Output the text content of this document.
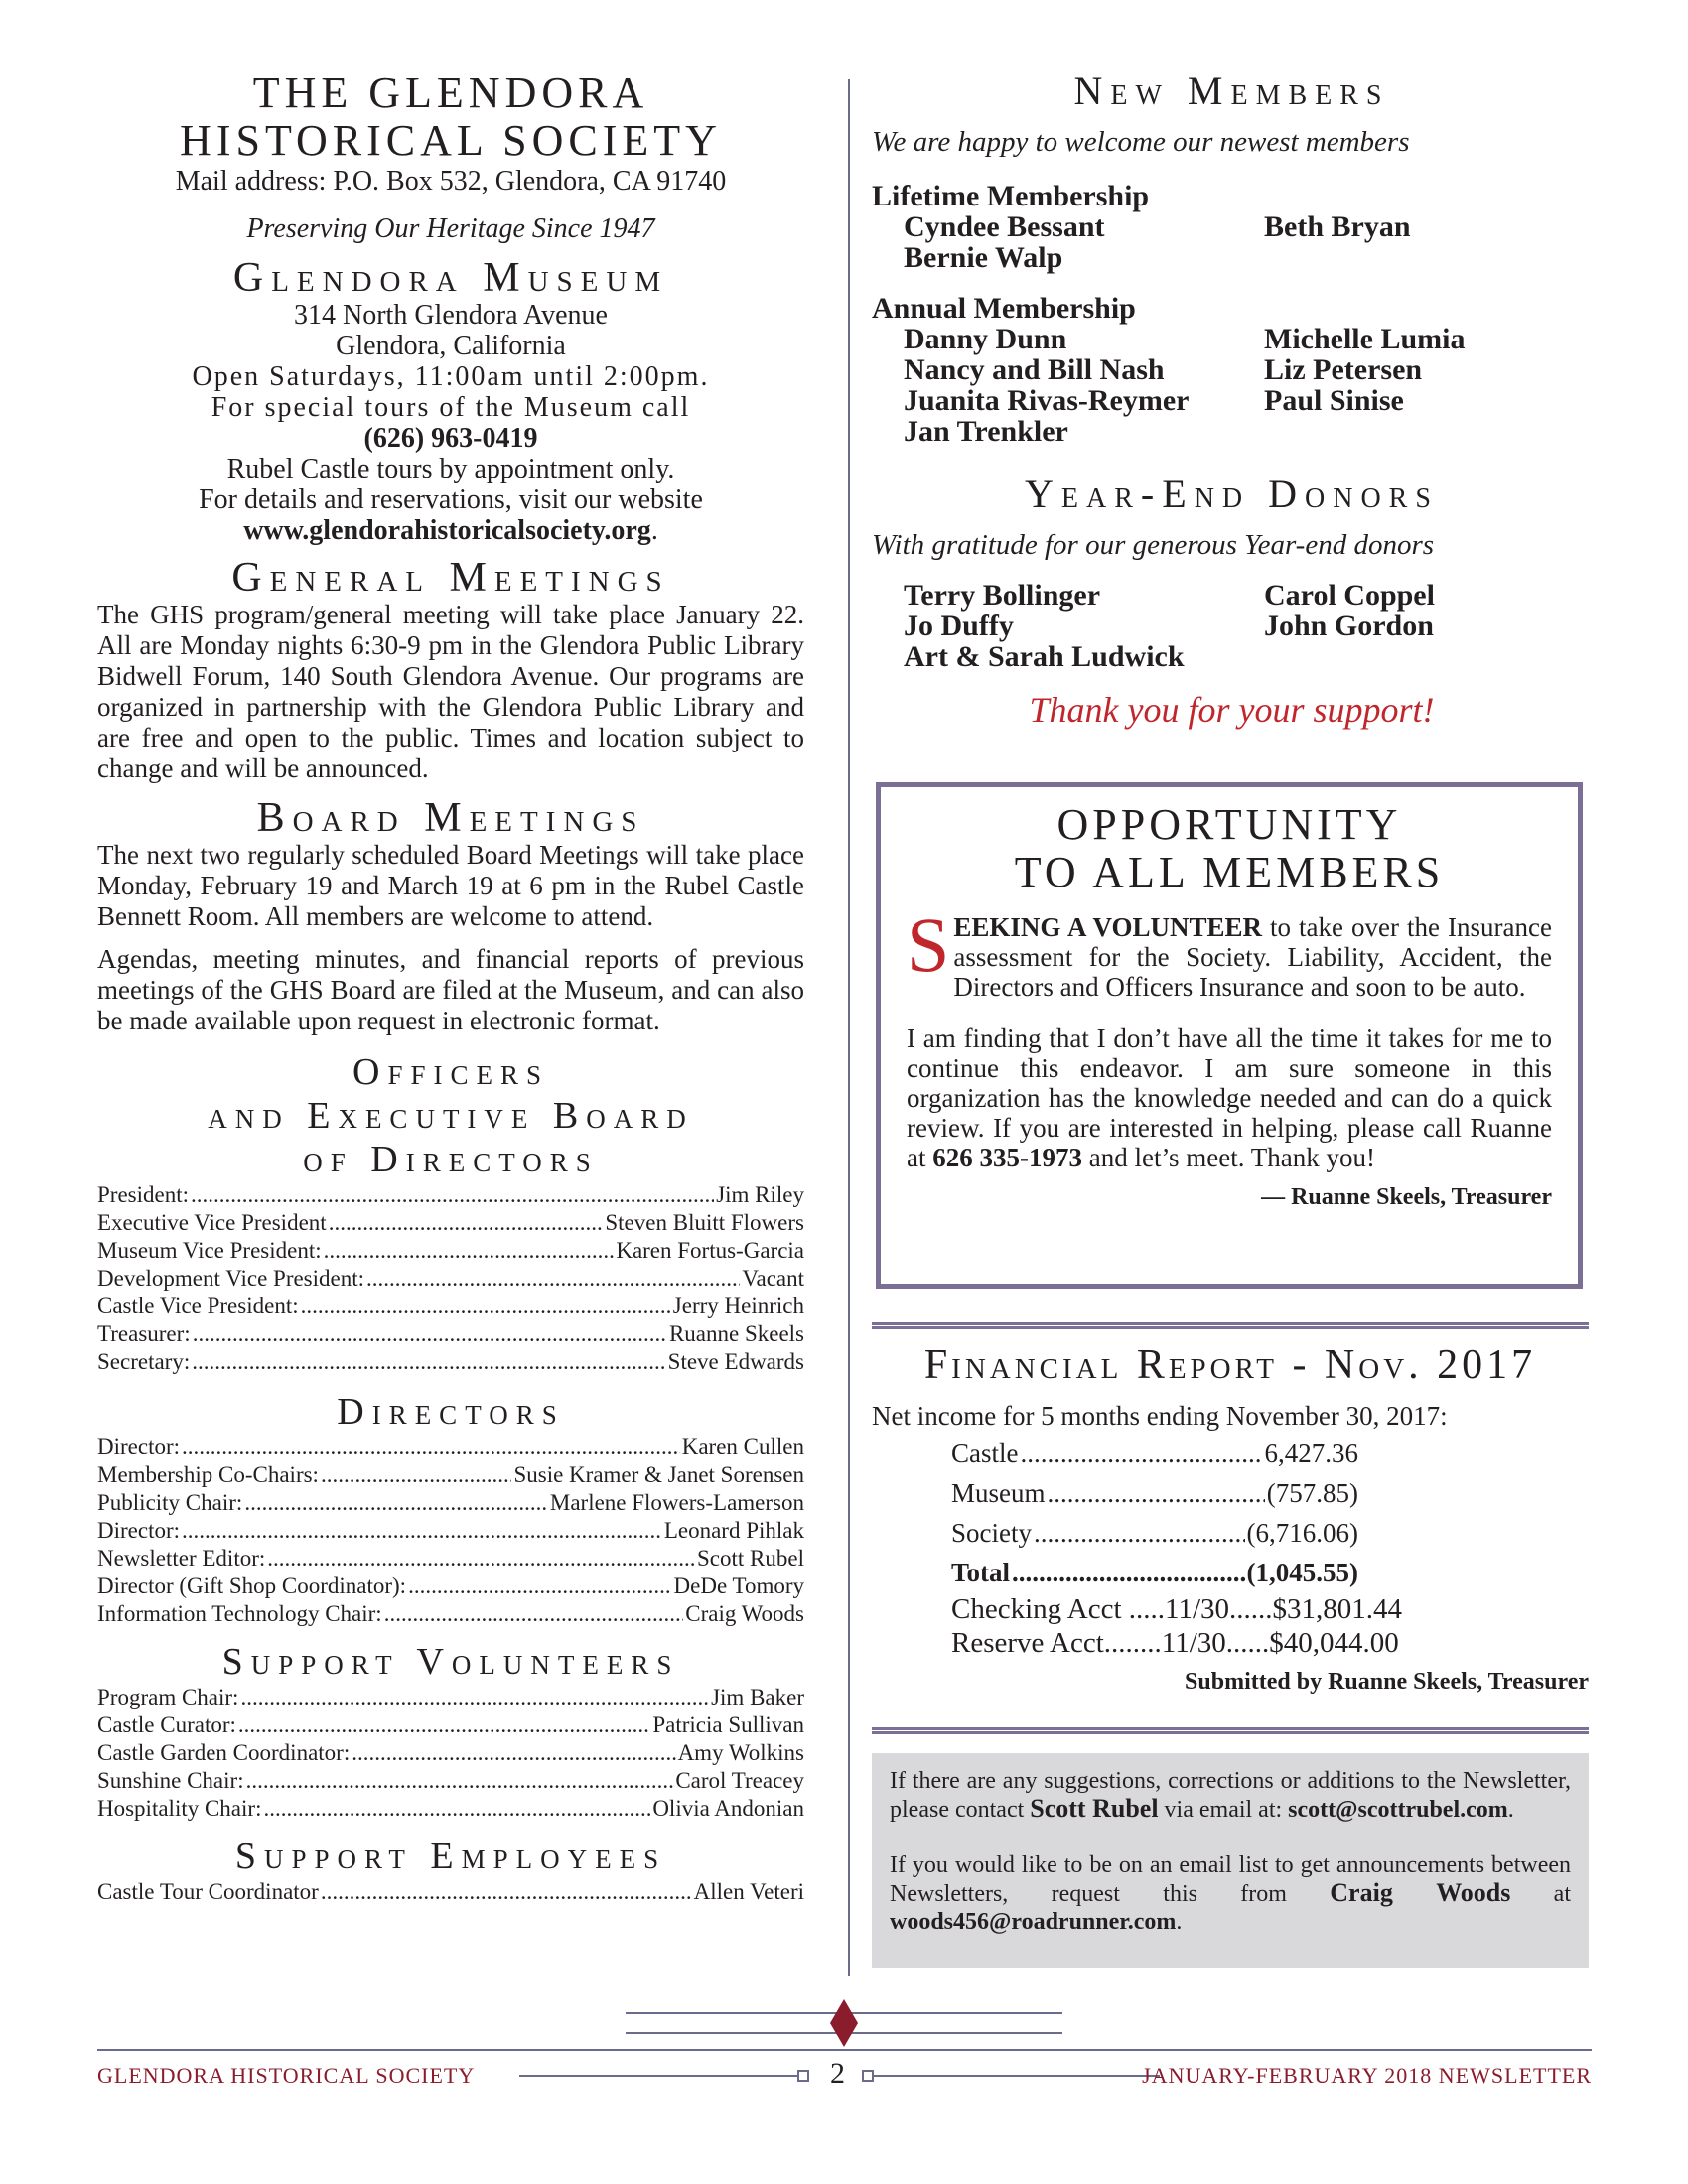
THE GLENDORA
HISTORICAL SOCIETY
Mail address: P.O. Box 532, Glendora, CA 91740
Preserving Our Heritage Since 1947
Glendora Museum
314 North Glendora Avenue
Glendora, California
Open Saturdays, 11:00am until 2:00pm.
For special tours of the Museum call
(626) 963-0419
Rubel Castle tours by appointment only.
For details and reservations, visit our website
www.glendorahistoricalsociety.org.
General Meetings

The GHS program/general meeting will take place January 22. All are Monday nights 6:30-9 pm in the Glendora Public Library Bidwell Forum, 140 South Glendora Avenue. Our programs are organized in partnership with the Glendora Public Library and are free and open to the public. Times and location subject to change and will be announced.

Board Meetings

The next two regularly scheduled Board Meetings will take place Monday, February 19 and March 19 at 6 pm in the Rubel Castle Bennett Room. All members are welcome to attend.

Agendas, meeting minutes, and financial reports of previous meetings of the GHS Board are filed at the Museum, and can also be made available upon request in electronic format.

Officers
and Executive Board
of Directors
President: .....	Jim Riley
Executive Vice President .....	Steven Bluitt Flowers
Museum Vice President: .....	Karen Fortus-Garcia
Development Vice President: .....	Vacant
Castle Vice President: .....	Jerry Heinrich
Treasurer: .....	Ruanne Skeels
Secretary: .....	Steve Edwards
Directors
Director: .....	Karen Cullen
Membership Co-Chairs: .....	Susie Kramer & Janet Sorensen
Publicity Chair: .....	Marlene Flowers-Lamerson
Director: .....	Leonard Pihlak
Newsletter Editor: .....	Scott Rubel
Director (Gift Shop Coordinator): .....	DeDe Tomory
Information Technology Chair: .....	Craig Woods
Support Volunteers
Program Chair: .....	Jim Baker
Castle Curator: .....	Patricia Sullivan
Castle Garden Coordinator: .....	Amy Wolkins
Sunshine Chair: .....	Carol Treacey
Hospitality Chair: .....	Olivia Andonian
Support Employees
Castle Tour Coordinator .....	Allen Veteri
New Members
We are happy to welcome our newest members
Lifetime Membership
Cyndee Bessant	Beth Bryan
Bernie Walp
Annual Membership
Danny Dunn	Michelle Lumia
Nancy and Bill Nash	Liz Petersen
Juanita Rivas-Reymer	Paul Sinise
Jan Trenkler
Year-End Donors
With gratitude for our generous Year-end donors
Terry Bollinger	Carol Coppel
Jo Duffy	John Gordon
Art & Sarah Ludwick
Thank you for your support!
OPPORTUNITY
TO ALL MEMBERS

SEEKING A VOLUNTEER to take over the Insurance assessment for the Society. Liability, Accident, the Directors and Officers Insurance and soon to be auto.

I am finding that I don’t have all the time it takes for me to continue this endeavor. I am sure someone in this organization has the knowledge needed and can do a quick review. If you are interested in helping, please call Ruanne at 626 335-1973 and let’s meet. Thank you!

— Ruanne Skeels, Treasurer
Financial Report - Nov. 2017
Net income for 5 months ending November 30, 2017:
Castle .....	6,427.36
Museum .....	(757.85)
Society .....	(6,716.06)
Total .....	(1,045.55)
Checking Acct .....11/30......$31,801.44
Reserve Acct........11/30......$40,044.00
Submitted by Ruanne Skeels, Treasurer

If there are any suggestions, corrections or additions to the Newsletter, please contact Scott Rubel via email at: scott@scottrubel.com.

If you would like to be on an email list to get announcements between Newsletters, request this from Craig Woods at woods456@roadrunner.com.

GLENDORA HISTORICAL SOCIETY	2	JANUARY-FEBRUARY 2018 NEWSLETTER
